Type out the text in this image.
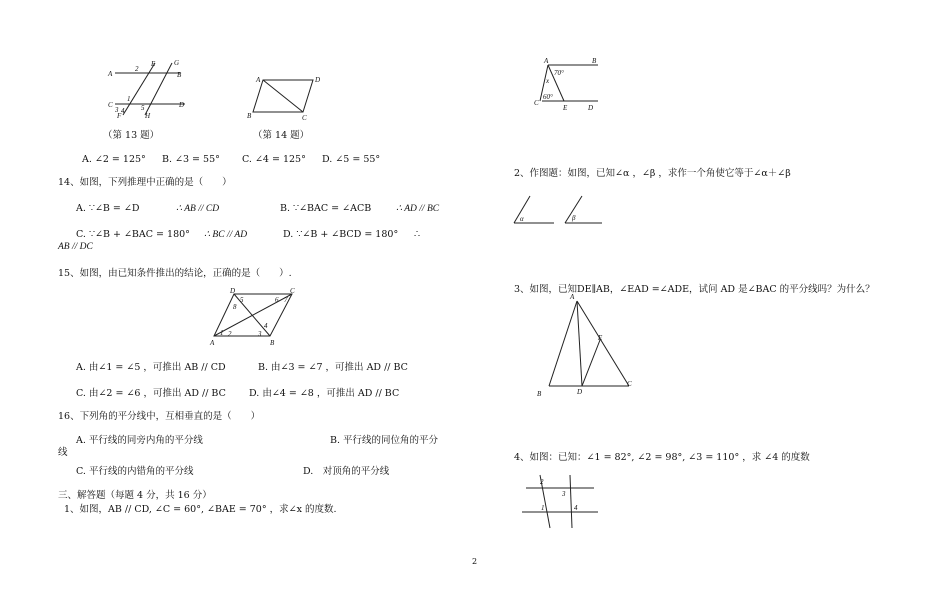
A
E	G
B
2
C
1
3 4 5	D
F	H
（第 13 题）
A	D
B	C
（第 14 题）
A. ∠2 = 125° B. ∠3 = 55° C. ∠4 = 125° D. ∠5 = 55°
14、如图，下列推理中正确的是（　　）
A. ∵∠B = ∠D	∴ AB // CD	B. ∵∠BAC = ∠ACB	∴ AD // BC
C. ∵∠B + ∠BAC = 180° ∴ BC // AD	D. ∵∠B + ∠BCD = 180° ∴
AB // DC
15、如图，由已知条件推出的结论，正确的是（　　）.
D	C
6
5	7
8
A
4
1 2	3
B
A. 由∠1 = ∠5 ，可推出 AB // CD	B. 由∠3 = ∠7 ，可推出 AD // BC
C. 由∠2 = ∠6 ，可推出 AD // BC D. 由∠4 = ∠8 ，可推出 AD // BC
16、下列角的平分线中，互相垂直的是（　　）
A. 平行线的同旁内角的平分线	B. 平行线的同位角的平分
线
C. 平行线的内错角的平分线	D.　对顶角的平分线
三、解答题（每题 4 分，共 16 分）
1、如图，AB // CD, ∠C = 60°, ∠BAE = 70° ，求∠x 的度数.
A	B
70°
x
60°
C
E	D
2、作图题：如图，已知∠α ，∠β ，求作一个角使它等于∠α＋∠β
α	β
3、如图，已知DE∥AB，∠EAD =∠ADE，试问 AD 是∠BAC 的平分线吗？为什么？
A
E
B	D
C
4、如图：已知：∠1 = 82°, ∠2 = 98°, ∠3 = 110° ，求 ∠4 的度数
2
3
1	4
2
